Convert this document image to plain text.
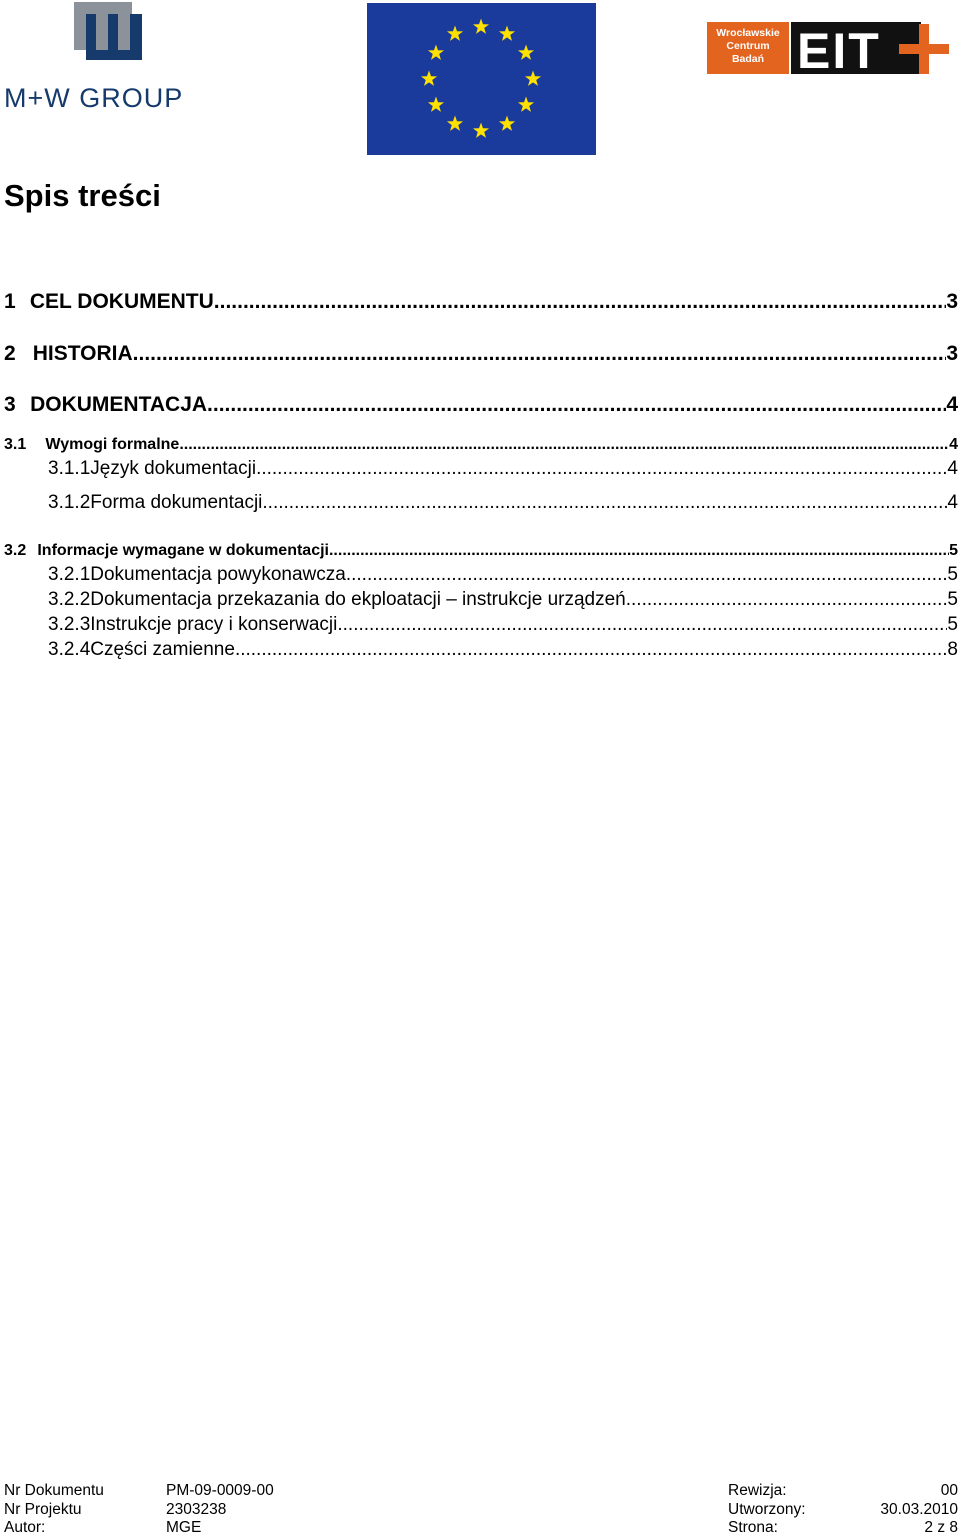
M+W GROUP
Wrocławskie
Centrum
Badań EIT
Spis treści
1 CEL DOKUMENTU .....	3
2 HISTORIA .....	3
3 DOKUMENTACJA .....	4
3.1	Wymogi formalne .....	4
3.1.1 Język dokumentacji .....	4
3.1.2 Forma dokumentacji .....	4
3.2 Informacje wymagane w dokumentacji .....	5
3.2.1 Dokumentacja powykonawcza .....	5
3.2.2 Dokumentacja przekazania do ekploatacji – instrukcje urządzeń. .....	5
3.2.3 Instrukcje pracy i konserwacji .....	5
3.2.4 Części zamienne .....	8
Nr Dokumentu	PM-09-0009-00	Rewizja:	00
Nr Projektu	2303238	Utworzony:	30.03.2010
Autor:	MGE	Strona:	2 z 8
